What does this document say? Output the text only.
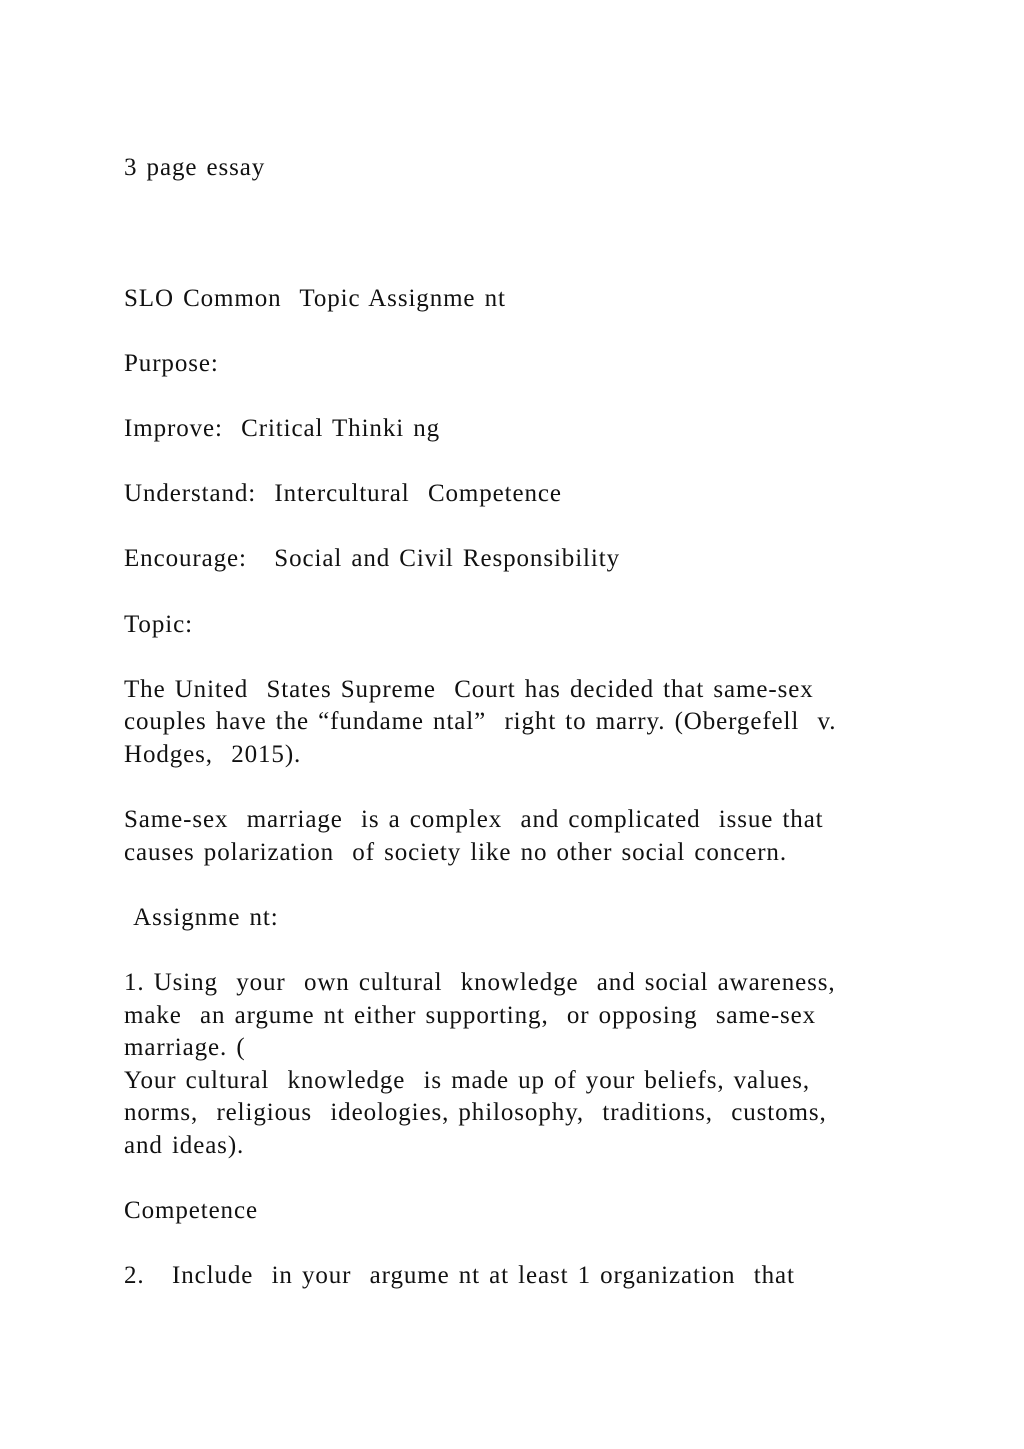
3 page essay

SLO Common  Topic Assignme nt

Purpose:

Improve:  Critical Thinki ng

Understand:  Intercultural  Competence

Encourage:   Social and Civil Responsibility

Topic:

The United  States Supreme  Court has decided that same-sex
couples have the “fundame ntal”  right to marry. (Obergefell  v.
Hodges,  2015).

Same-sex  marriage  is a complex  and complicated  issue that
causes polarization  of society like no other social concern.

Assignme nt:

1. Using  your  own cultural  knowledge  and social awareness,
make  an argume nt either supporting,  or opposing  same-sex
marriage. (
Your cultural  knowledge  is made up of your beliefs, values,
norms,  religious  ideologies, philosophy,  traditions,  customs,
and ideas).

Competence

2.   Include  in your  argume nt at least 1 organization  that
